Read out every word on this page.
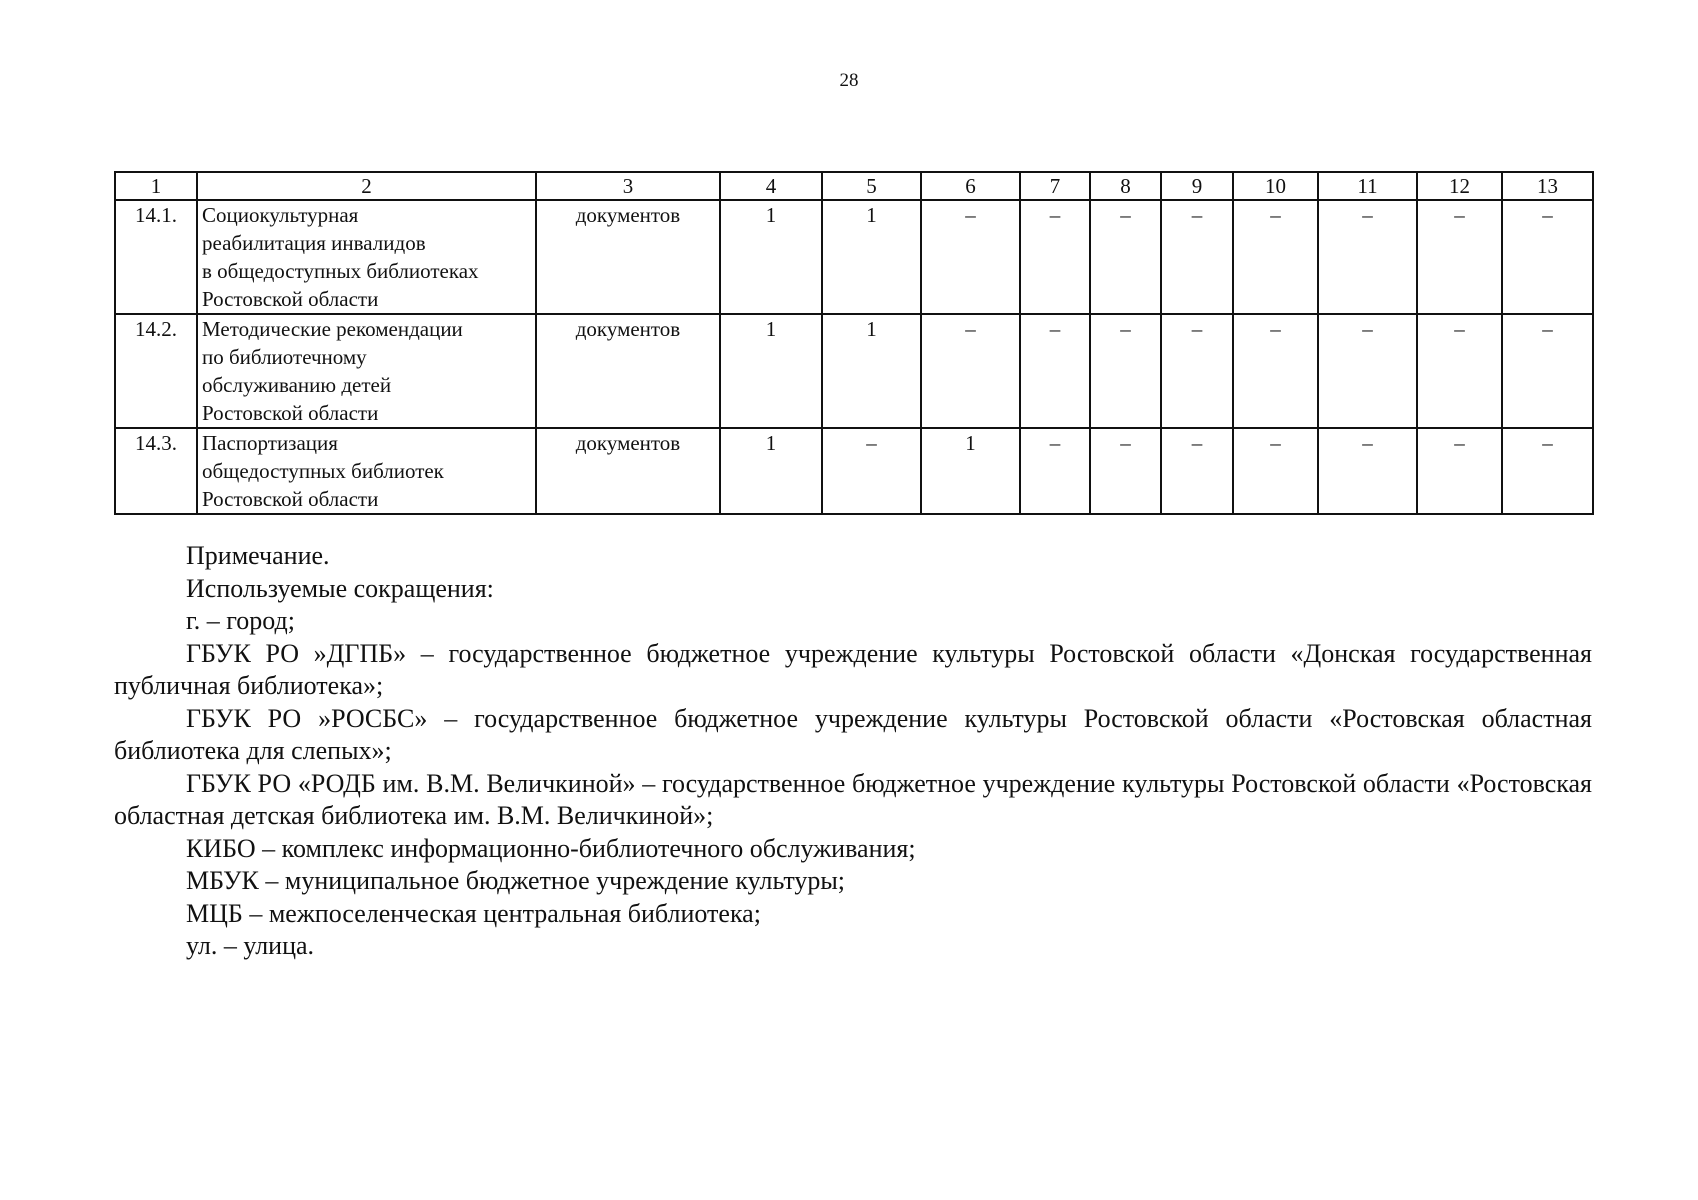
28
1	2	3	4	5	6	7	8	9	10	11	12	13
14.1.	Социокультурная
реабилитация инвалидов
в общедоступных библиотеках
Ростовской области	документов	1	1	–	–	–	–	–	–	–	–
14.2.	Методические рекомендации
по библиотечному
обслуживанию детей
Ростовской области	документов	1	1	–	–	–	–	–	–	–	–
14.3.	Паспортизация
общедоступных библиотек
Ростовской области	документов	1	–	1	–	–	–	–	–	–	–

Примечание.

Используемые сокращения:

г. – город;

ГБУК РО »ДГПБ» – государственное бюджетное учреждение культуры Ростовской области «Донская государственная публичная библиотека»;

ГБУК РО »РОСБС» – государственное бюджетное учреждение культуры Ростовской области «Ростовская областная библиотека для слепых»;

ГБУК РО «РОДБ им. В.М. Величкиной» – государственное бюджетное учреждение культуры Ростовской области «Ростовская областная детская библиотека им. В.М. Величкиной»;

КИБО – комплекс информационно-библиотечного обслуживания;

МБУК – муниципальное бюджетное учреждение культуры;

МЦБ – межпоселенческая центральная библиотека;

ул. – улица.
